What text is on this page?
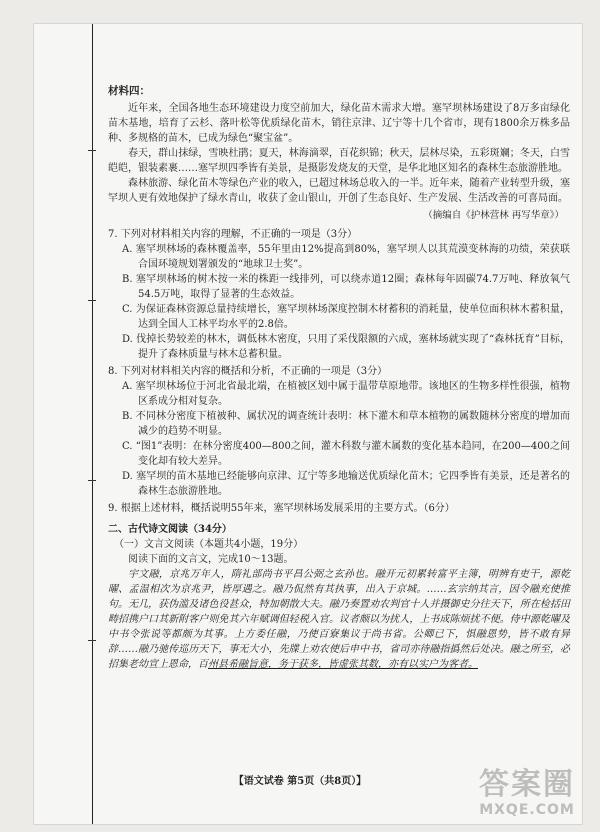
材料四：

近年来，全国各地生态环境建设力度空前加大，绿化苗木需求大增。塞罕坝林场建设了8万多亩绿化苗木基地，培育了云杉、落叶松等优质绿化苗木，销往京津、辽宁等十几个省市，现有1800余万株多品种、多规格的苗木，已成为绿色“聚宝盆”。

春天，群山抹绿，雪映杜鹃；夏天，林海滴翠，百花织锦；秋天，层林尽染，五彩斑斓；冬天，白雪皑皑，银装素裹……塞罕坝四季皆有美景，是摄影发烧友的天堂，是华北地区知名的森林生态旅游胜地。

森林旅游、绿化苗木等绿色产业的收入，已超过林场总收入的一半。近年来，随着产业转型升级，塞罕坝人更有效地保护了绿水青山，收获了金山银山，开创了生态良好、生产发展、生活改善的可喜局面。

（摘编自《护林营林 再写华章》）
7. 下列对材料相关内容的理解，不正确的一项是（3分）
A. 塞罕坝林场的森林覆盖率，55年里由12%提高到80%，塞罕坝人以其荒漠变林海的功绩，荣获联合国环境规划署颁发的“地球卫士奖”。
B. 塞罕坝林场的树木按一米的株距一线排列，可以绕赤道12圈；森林每年固碳74.7万吨、释放氧气54.5万吨，取得了显著的生态效益。
C. 为保证森林资源总量持续增长，塞罕坝林场深度控制木材蓄积的消耗量，使单位面积林木蓄积量，达到全国人工林平均水平的2.8倍。
D. 伐掉长势较差的林木，调低林木密度，只用了采伐限额的六成，塞林场就实现了“森林抚育”目标，提升了森林质量与林木总蓄积量。
8. 下列对材料相关内容的概括和分析，不正确的一项是（3分）
A. 塞罕坝林场位于河北省最北端，在植被区划中属于温带草原地带。该地区的生物多样性很强，植物区系成分相对复杂。
B. 不同林分密度下植被种、属状况的调查统计表明：林下灌木和草本植物的属数随林分密度的增加而减少的趋势不明显。
C. “图1”表明：在林分密度400—800之间，灌木科数与灌木属数的变化基本趋同，在200—400之间变化却有较大差异。
D. 塞罕坝的苗木基地已经能够向京津、辽宁等多地输送优质绿化苗木；它四季皆有美景，还是著名的森林生态旅游胜地。
9. 根据上述材料，概括说明55年来，塞罕坝林场发展采用的主要方式。（6分）
二、古代诗文阅读（34分）
（一）文言文阅读（本题共4小题，19分）

阅读下面的文言文，完成10～13题。

宇文融，京兆万年人，隋礼部尚书平昌公弼之玄孙也。融开元初累转富平主簿，明辨有吏干，源乾曜、孟温相次为京兆尹，皆厚遇之。融乃侃然有其执事，出入于京城。……玄宗纳其言，因令融充使推句。无几，获伪滥及诸色役甚众，特加朝散大夫。融乃奏置劝农判官十人并摄御史分往天下，所在检括田畴招携户口其新附客户则免其六年赋调但轻税入官。议者颇以为扰人，上书成陈烦扰不便。侍中源乾曜及中书令张说等都颇为其事。上方委任融，乃使百寮集议于尚书省。公卿已下，惧融恩势，皆不敢有异辞……融乃驰传巡历天下，事无大小，先牒上劝农使后申中书，省司亦待融指撝然后处决。融之所至，必招集老幼宣上恩命，百州县希融旨意，务于获多，皆虚张其数，亦有以实户为客者。

【语文试卷 第5页（共8页）】	答案圈
MXQE.COM
